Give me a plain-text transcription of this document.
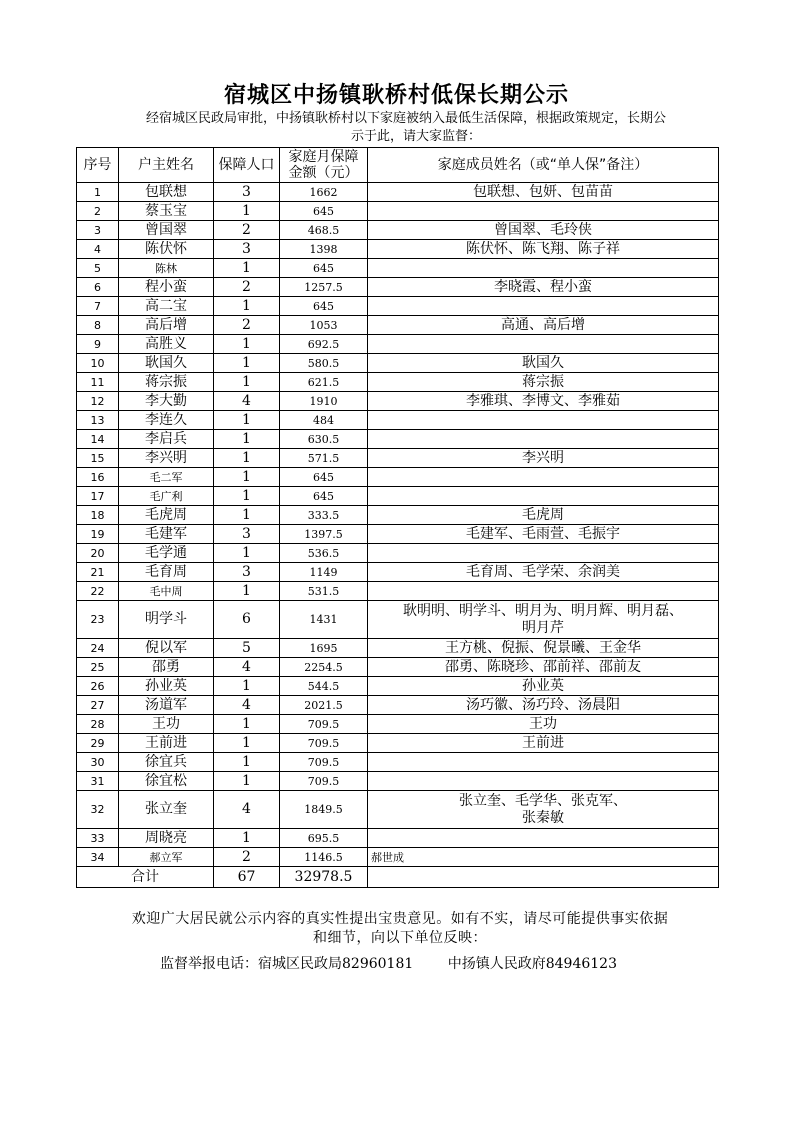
宿城区中扬镇耿桥村低保长期公示
经宿城区民政局审批，中扬镇耿桥村以下家庭被纳入最低生活保障，根据政策规定，长期公
示于此，请大家监督：
序号	户主姓名	保障人口	家庭月保障
金额（元）	家庭成员姓名（或“单人保”备注）
1	包联想	3	1662	包联想、包妍、包苗苗

2	蔡玉宝	1	645	
3	曾国翠	2	468.5	曾国翠、毛玲侠

4	陈伏怀	3	1398	陈伏怀、陈飞翔、陈子祥

5	陈林	1	645	
6	程小蛮	2	1257.5	李晓霞、程小蛮

7	高二宝	1	645	
8	高后增	2	1053	高通、高后增

9	高胜义	1	692.5	
10	耿国久	1	580.5	耿国久

11	蒋宗振	1	621.5	蒋宗振

12	李大勤	4	1910	李雅琪、李博文、李雅茹

13	李连久	1	484	
14	李启兵	1	630.5	
15	李兴明	1	571.5	李兴明

16	毛二军	1	645	
17	毛广利	1	645	
18	毛虎周	1	333.5	毛虎周

19	毛建军	3	1397.5	毛建军、毛雨萱、毛振宇

20	毛学通	1	536.5	
21	毛育周	3	1149	毛育周、毛学荣、余润美

22	毛中周	1	531.5	
23	明学斗	6	1431	耿明明、明学斗、明月为、明月辉、明月磊、
明月芹

24	倪以军	5	1695	王方桃、倪振、倪景曦、王金华

25	邵勇	4	2254.5	邵勇、陈晓珍、邵前祥、邵前友

26	孙业英	1	544.5	孙业英

27	汤道军	4	2021.5	汤巧徽、汤巧玲、汤晨阳

28	王功	1	709.5	王功

29	王前进	1	709.5	王前进

30	徐宜兵	1	709.5	
31	徐宜松	1	709.5	
32	张立奎	4	1849.5	张立奎、毛学华、张克军、
张秦敏

33	周晓亮	1	695.5	
34	郝立军	2	1146.5	郝世成

合计		67	32978.5	
欢迎广大居民就公示内容的真实性提出宝贵意见。如有不实，请尽可能提供事实依据
和细节，向以下单位反映：
监督举报电话：宿城区民政局82960181 中扬镇人民政府84946123
